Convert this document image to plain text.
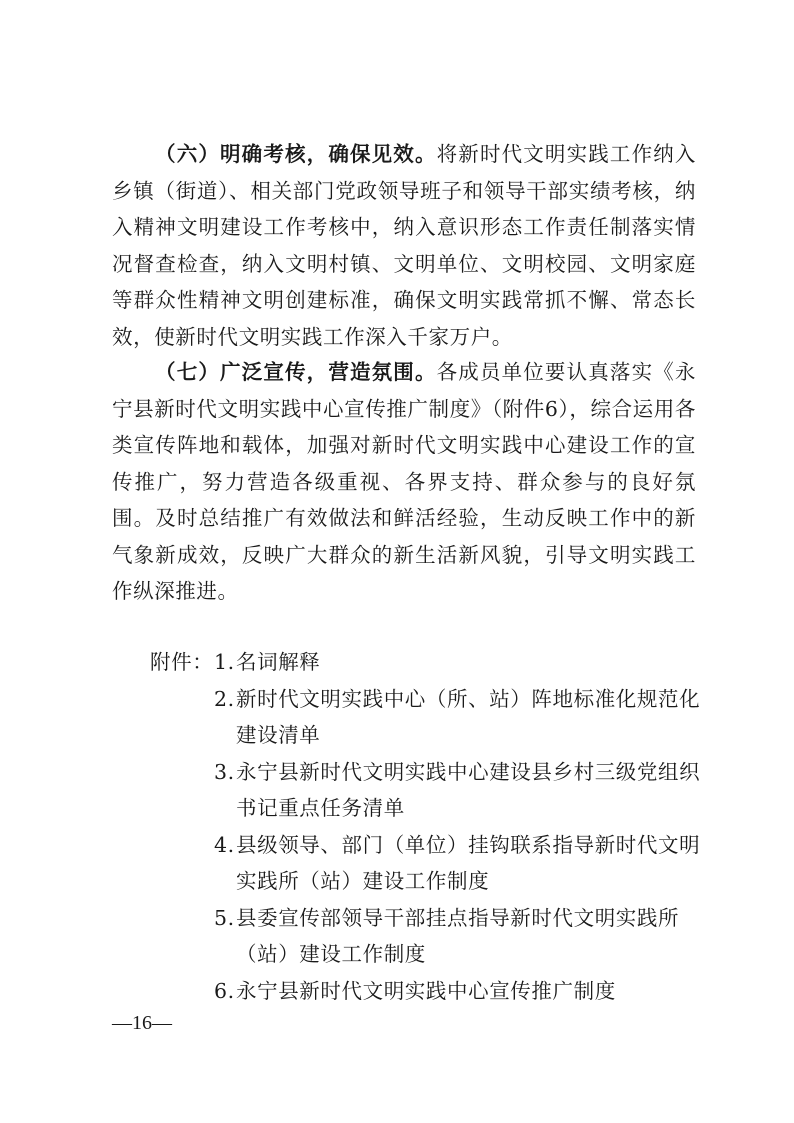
（六）明确考核，确保见效。将新时代文明实践工作纳入乡镇（街道）、相关部门党政领导班子和领导干部实绩考核，纳入精神文明建设工作考核中，纳入意识形态工作责任制落实情况督查检查，纳入文明村镇、文明单位、文明校园、文明家庭等群众性精神文明创建标准，确保文明实践常抓不懈、常态长效，使新时代文明实践工作深入千家万户。

（七）广泛宣传，营造氛围。各成员单位要认真落实《永宁县新时代文明实践中心宣传推广制度》（附件6），综合运用各类宣传阵地和载体，加强对新时代文明实践中心建设工作的宣传推广，努力营造各级重视、各界支持、群众参与的良好氛围。及时总结推广有效做法和鲜活经验，生动反映工作中的新气象新成效，反映广大群众的新生活新风貌，引导文明实践工作纵深推进。

附件： 1. 名词解释
2. 新时代文明实践中心（所、站）阵地标准化规范化建设清单
3. 永宁县新时代文明实践中心建设县乡村三级党组织书记重点任务清单
4. 县级领导、部门（单位）挂钩联系指导新时代文明实践所（站）建设工作制度
5. 县委宣传部领导干部挂点指导新时代文明实践所（站）建设工作制度
6. 永宁县新时代文明实践中心宣传推广制度
—16—
